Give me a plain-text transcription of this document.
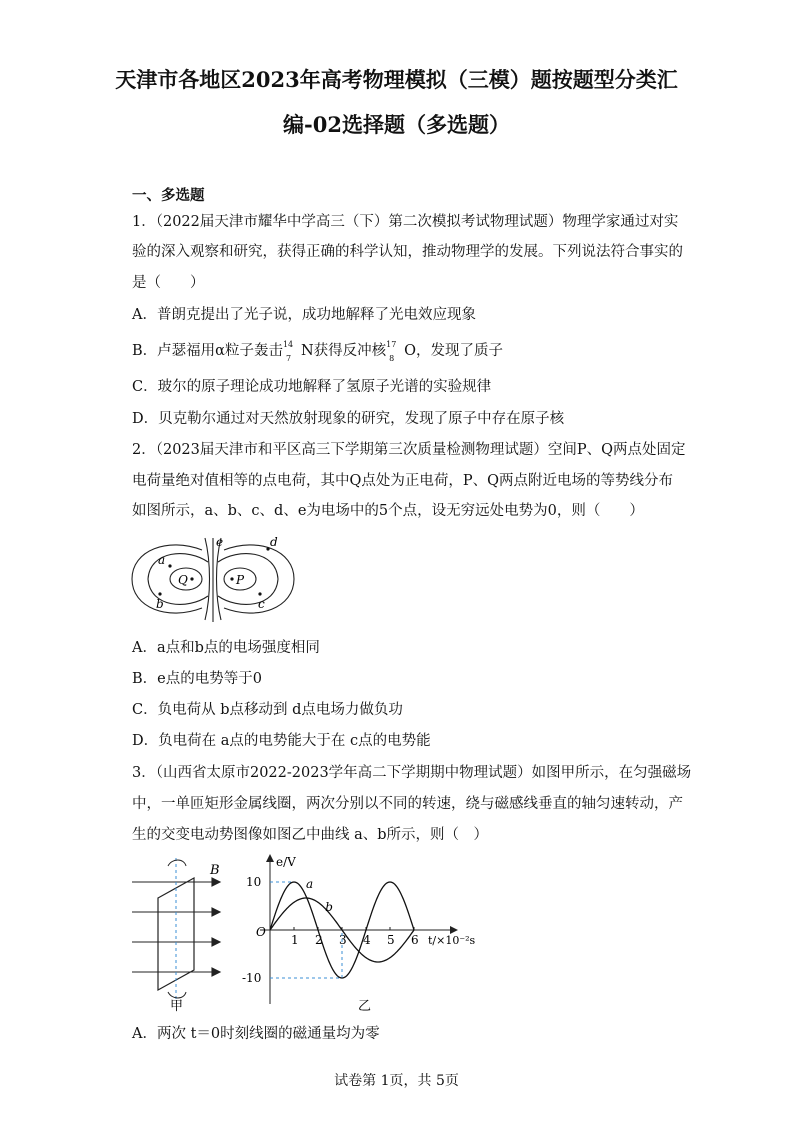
天津市各地区2023年高考物理模拟（三模）题按题型分类汇
编-02选择题（多选题）
一、多选题
1．（2022届天津市耀华中学高三（下）第二次模拟考试物理试题）物理学家通过对实
验的深入观察和研究，获得正确的科学认知，推动物理学的发展。下列说法符合事实的
是（　　）
A．普朗克提出了光子说，成功地解释了光电效应现象
B．卢瑟福用α粒子轰击 14
7 N获得反冲核 17
8 O，发现了质子
C．玻尔的原子理论成功地解释了氢原子光谱的实验规律
D．贝克勒尔通过对天然放射现象的研究，发现了原子中存在原子核
2．（2023届天津市和平区高三下学期第三次质量检测物理试题）空间P、Q两点处固定
电荷量绝对值相等的点电荷，其中Q点处为正电荷，P、Q两点附近电场的等势线分布
如图所示，a、b、c、d、e为电场中的5个点，设无穷远处电势为0，则（　　）
a
b	c
d
e
Q	P
A．a点和b点的电场强度相同
B．e点的电势等于0
C．负电荷从 b点移动到 d点电场力做负功
D．负电荷在 a点的电势能大于在 c点的电势能
3．（山西省太原市2022-2023学年高二下学期期中物理试题）如图甲所示，在匀强磁场
中，一单匝矩形金属线圈，两次分别以不同的转速，绕与磁感线垂直的轴匀速转动，产
生的交变电动势图像如图乙中曲线 a、b所示，则（　）
B
甲
e/V
t/×10⁻²s
O
1 2 3 4 5 6
10
-10
a
b
乙
A．两次 t＝0时刻线圈的磁通量均为零
试卷第 1页，共 5页
